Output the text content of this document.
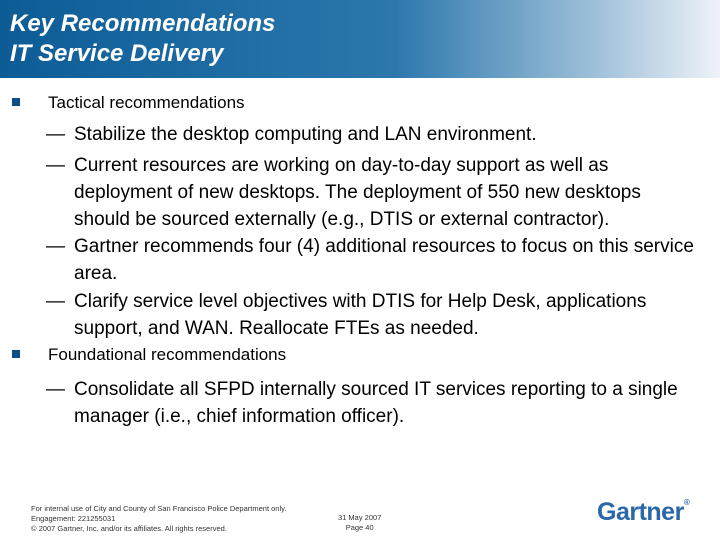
Key Recommendations
IT Service Delivery
Tactical recommendations
— Stabilize the desktop computing and LAN environment.
— Current resources are working on day-to-day support as well as deployment of new desktops. The deployment of 550 new desktops should be sourced externally (e.g., DTIS or external contractor).
— Gartner recommends four (4) additional resources to focus on this service area.
— Clarify service level objectives with DTIS for Help Desk, applications support, and WAN. Reallocate FTEs as needed.
Foundational recommendations
— Consolidate all SFPD internally sourced IT services reporting to a single manager (i.e., chief information officer).
For internal use of City and County of San Francisco Police Department only.
Engagement: 221255031
© 2007 Gartner, Inc. and/or its affiliates. All rights reserved.
31 May 2007
Page 40
Gartner®
